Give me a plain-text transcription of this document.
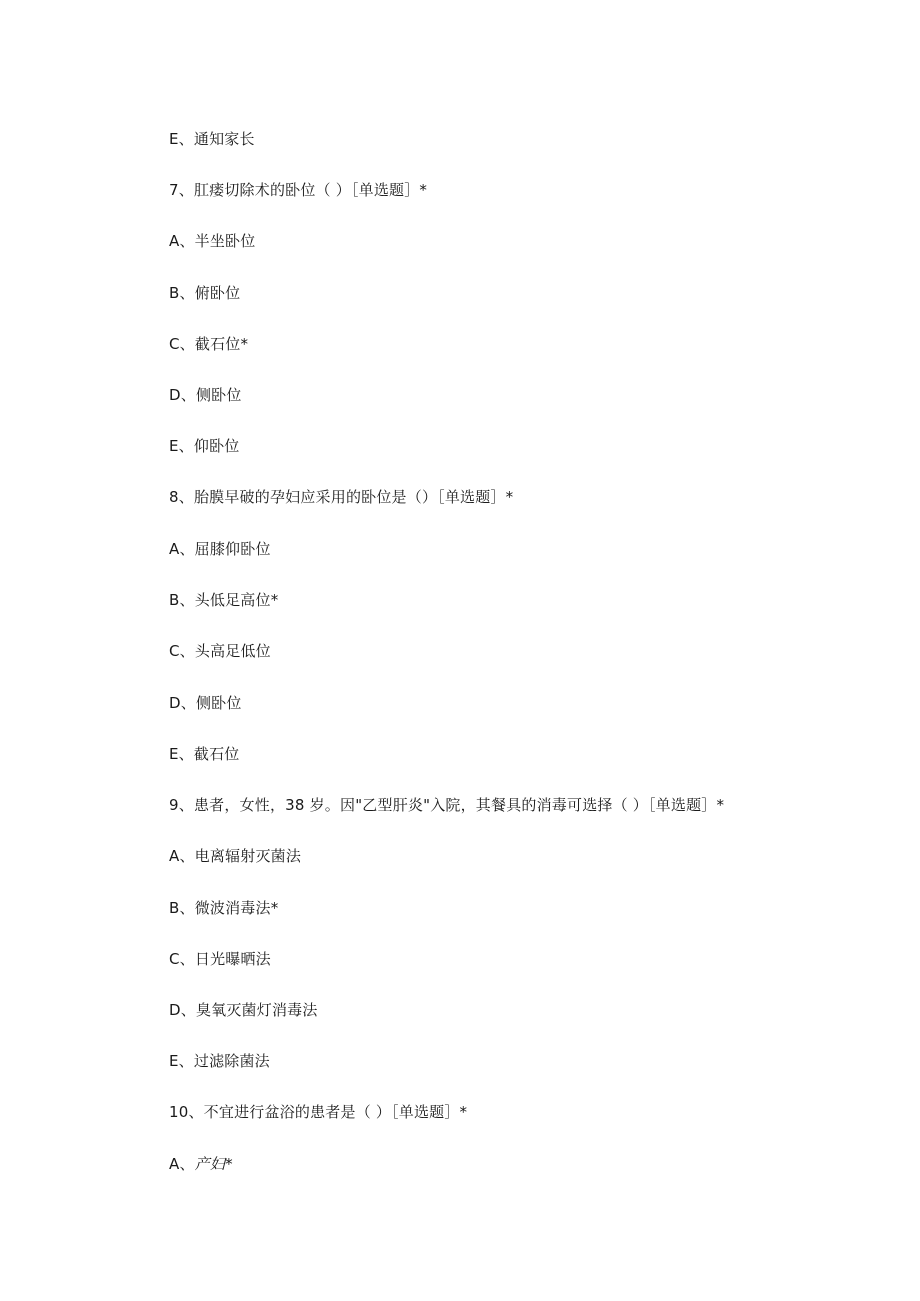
E、通知家长
7、肛瘘切除术的卧位（ ）［单选题］*
A、半坐卧位
B、俯卧位
C、截石位*
D、侧卧位
E、仰卧位
8、胎膜早破的孕妇应采用的卧位是（）［单选题］*
A、屈膝仰卧位
B、头低足高位*
C、头高足低位
D、侧卧位
E、截石位
9、患者，女性，38 岁。因"乙型肝炎"入院，其餐具的消毒可选择（ ）［单选题］*
A、电离辐射灭菌法
B、微波消毒法*
C、日光曝晒法
D、臭氧灭菌灯消毒法
E、过滤除菌法
10、不宜进行盆浴的患者是（ ）［单选题］*
A、产妇*
